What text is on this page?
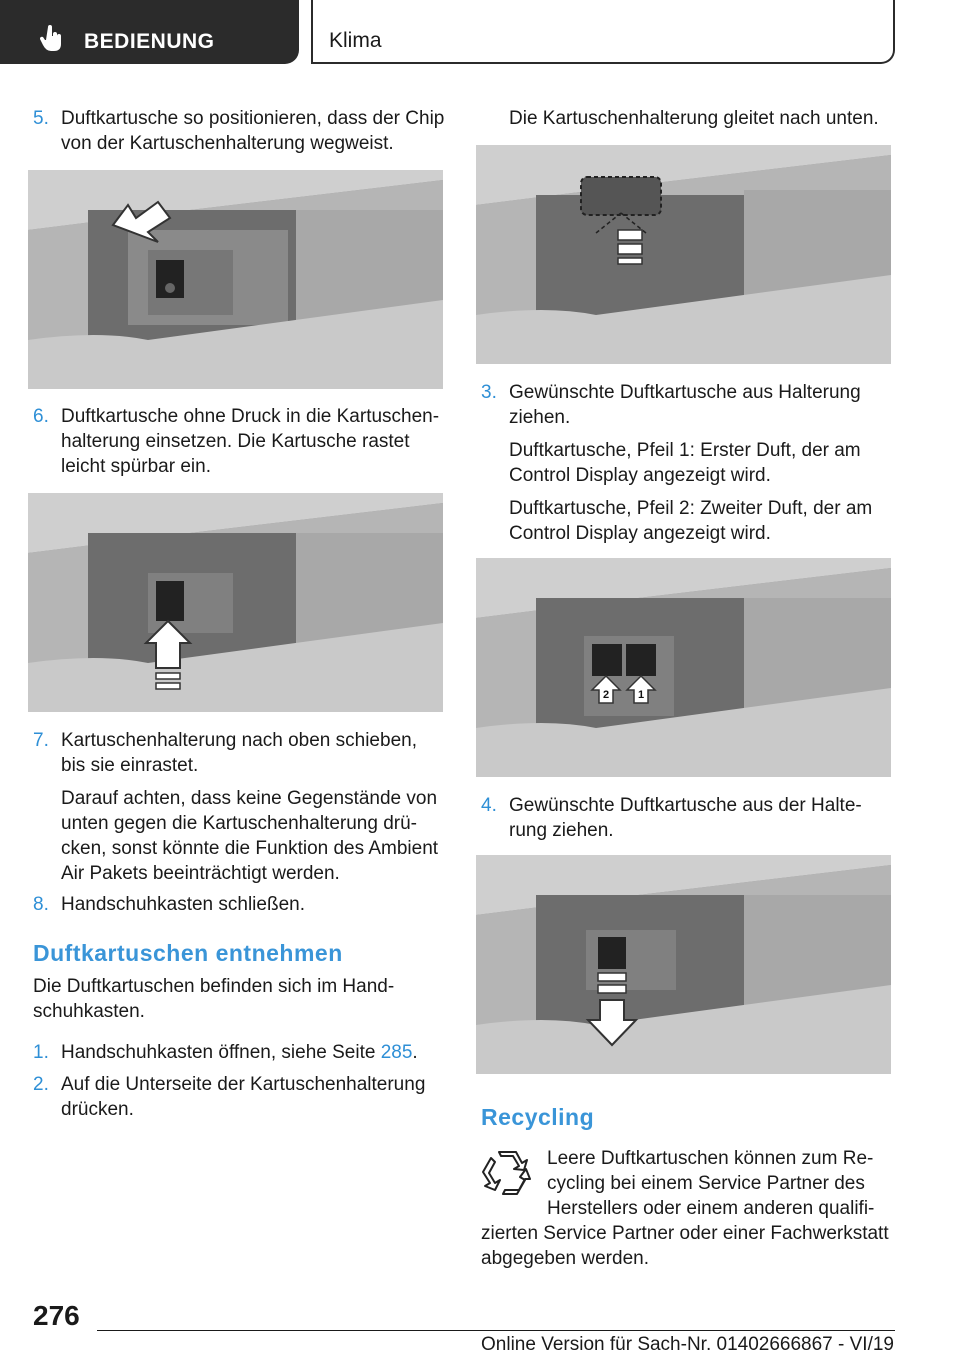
BEDIENUNG	Klima
5. Duftkartusche so positionieren, dass der Chip
von der Kartuschenhalterung wegweist.
6. Duftkartusche ohne Druck in die Kartuschen-
halterung einsetzen. Die Kartusche rastet
leicht spürbar ein.
7. Kartuschenhalterung nach oben schieben,
bis sie einrastet.
Darauf achten, dass keine Gegenstände von
unten gegen die Kartuschenhalterung drü-
cken, sonst könnte die Funktion des Ambient
Air Pakets beeinträchtigt werden.
8. Handschuhkasten schließen.
Duftkartuschen entnehmen
Die Duftkartuschen befinden sich im Hand-
schuhkasten.
1. Handschuhkasten öffnen, siehe Seite 285.
2. Auf die Unterseite der Kartuschenhalterung
drücken.
Die Kartuschenhalterung gleitet nach unten.
3. Gewünschte Duftkartusche aus Halterung
ziehen.
Duftkartusche, Pfeil 1: Erster Duft, der am
Control Display angezeigt wird.
Duftkartusche, Pfeil 2: Zweiter Duft, der am
Control Display angezeigt wird.
2	1
4. Gewünschte Duftkartusche aus der Halte-
rung ziehen.
Recycling
Leere Duftkartuschen können zum Re-
cycling bei einem Service Partner des
Herstellers oder einem anderen qualifi-
zierten Service Partner oder einer Fachwerkstatt
abgegeben werden.
276
Online Version für Sach-Nr. 01402666867 - VI/19
